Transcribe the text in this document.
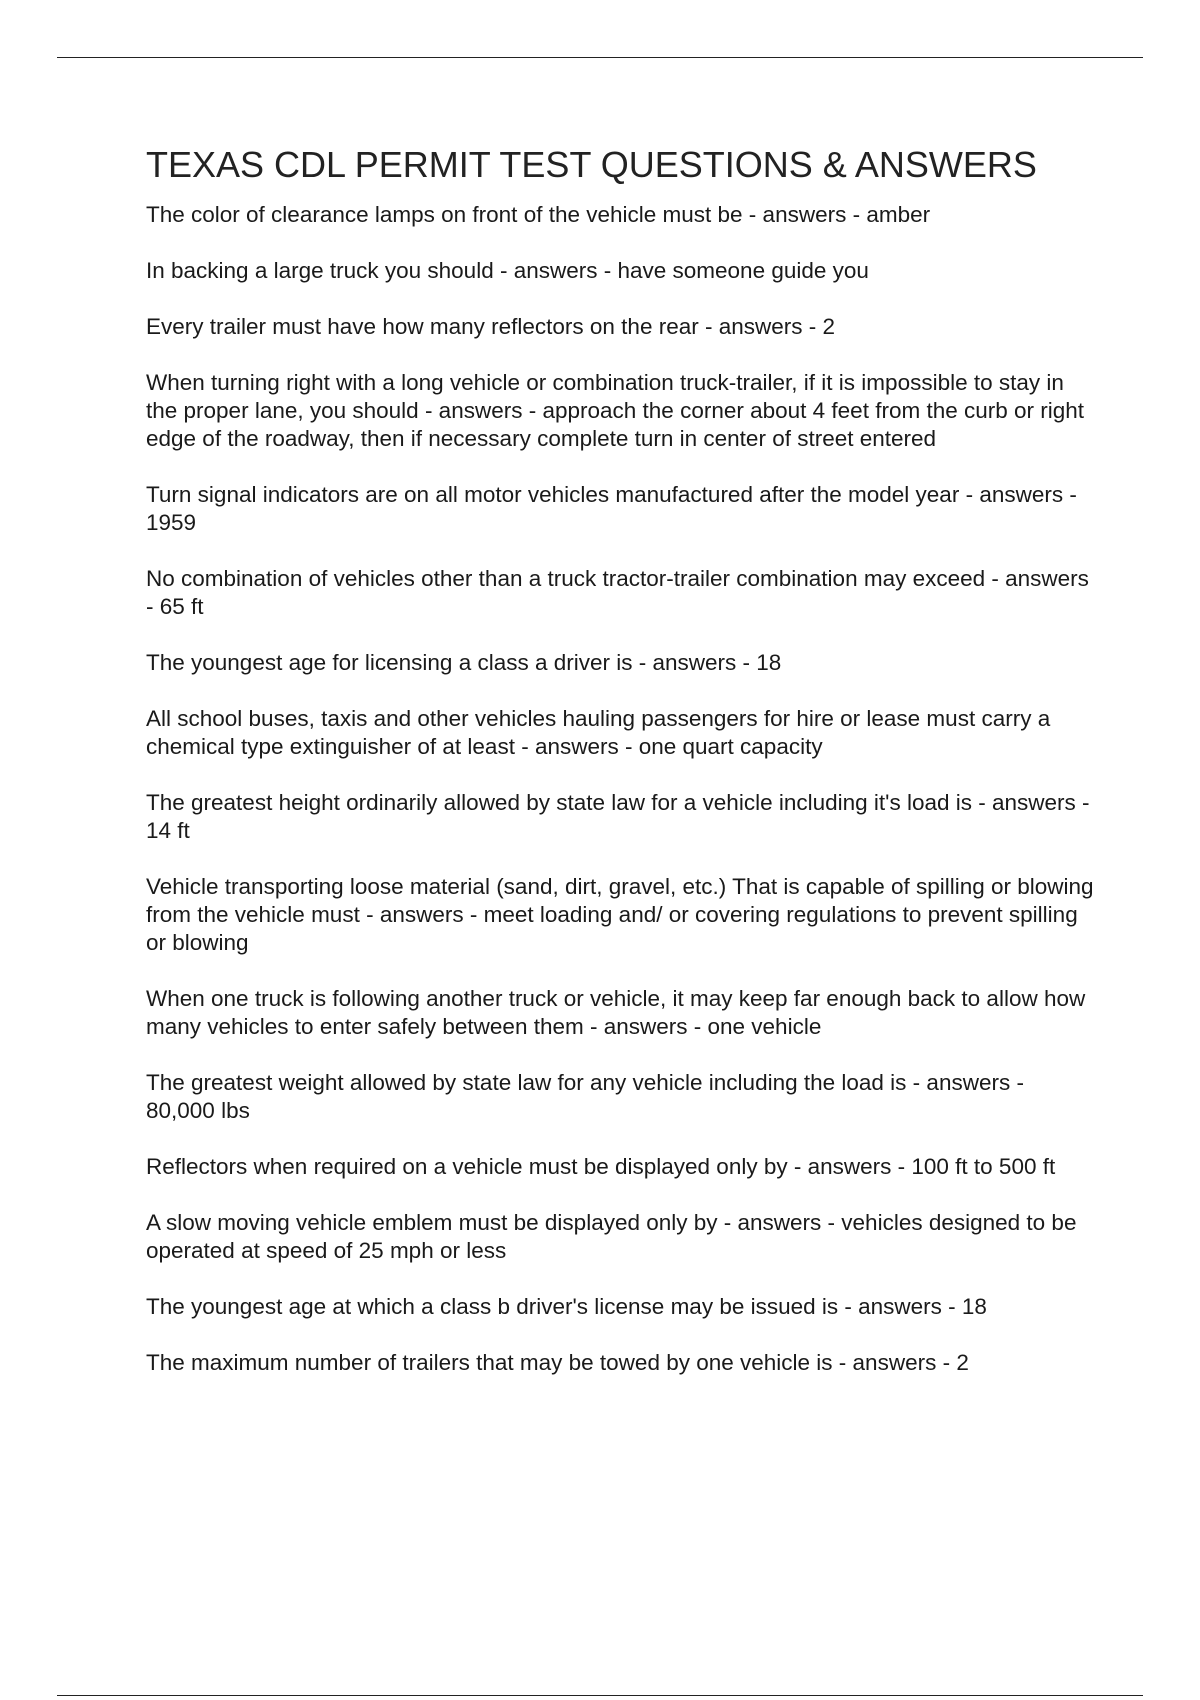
TEXAS CDL PERMIT TEST QUESTIONS & ANSWERS
The color of clearance lamps on front of the vehicle must be - answers - amber
In backing a large truck you should - answers - have someone guide you
Every trailer must have how many reflectors on the rear - answers - 2
When turning right with a long vehicle or combination truck-trailer, if it is impossible to stay in the proper lane, you should - answers - approach the corner about 4 feet from the curb or right edge of the roadway, then if necessary complete turn in center of street entered
Turn signal indicators are on all motor vehicles manufactured after the model year - answers - 1959
No combination of vehicles other than a truck tractor-trailer combination may exceed - answers - 65 ft
The youngest age for licensing a class a driver is - answers - 18
All school buses, taxis and other vehicles hauling passengers for hire or lease must carry a chemical type extinguisher of at least - answers - one quart capacity
The greatest height ordinarily allowed by state law for a vehicle including it's load is - answers - 14 ft
Vehicle transporting loose material (sand, dirt, gravel, etc.) That is capable of spilling or blowing from the vehicle must - answers - meet loading and/ or covering regulations to prevent spilling or blowing
When one truck is following another truck or vehicle, it may keep far enough back to allow how many vehicles to enter safely between them - answers - one vehicle
The greatest weight allowed by state law for any vehicle including the load is - answers - 80,000 lbs
Reflectors when required on a vehicle must be displayed only by - answers - 100 ft to 500 ft
A slow moving vehicle emblem must be displayed only by - answers - vehicles designed to be operated at speed of 25 mph or less
The youngest age at which a class b driver's license may be issued is - answers - 18
The maximum number of trailers that may be towed by one vehicle is - answers - 2
